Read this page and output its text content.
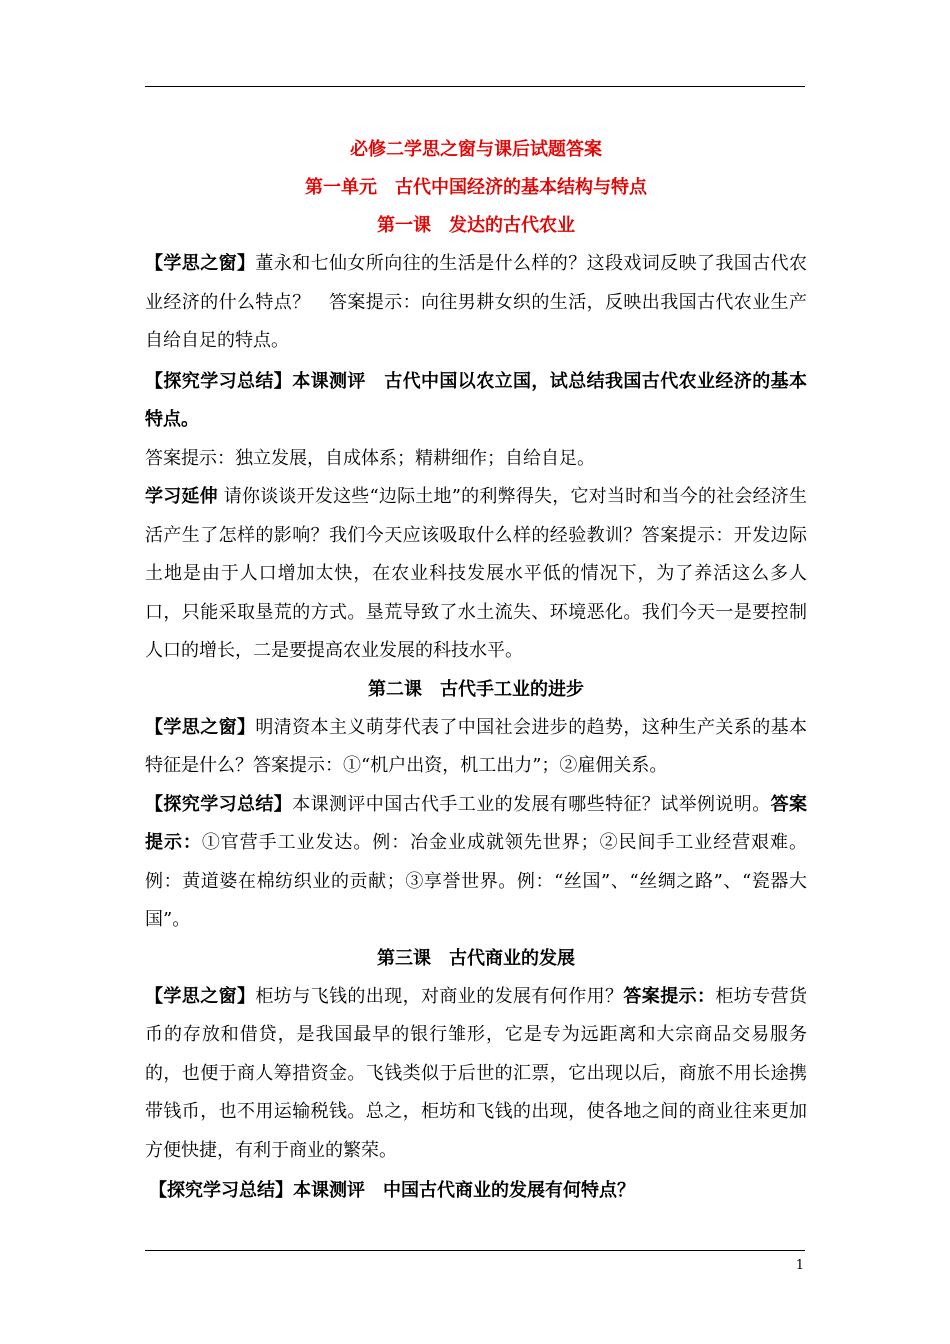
必修二学思之窗与课后试题答案
第一单元　古代中国经济的基本结构与特点
第一课　发达的古代农业

【学思之窗】董永和七仙女所向往的生活是什么样的？这段戏词反映了我国古代农业经济的什么特点？　答案提示：向往男耕女织的生活，反映出我国古代农业生产自给自足的特点。

【探究学习总结】本课测评　古代中国以农立国，试总结我国古代农业经济的基本特点。

答案提示：独立发展，自成体系；精耕细作；自给自足。

学习延伸 请你谈谈开发这些“边际土地”的利弊得失，它对当时和当今的社会经济生活产生了怎样的影响？我们今天应该吸取什么样的经验教训？答案提示：开发边际土地是由于人口增加太快，在农业科技发展水平低的情况下，为了养活这么多人口，只能采取垦荒的方式。垦荒导致了水土流失、环境恶化。我们今天一是要控制人口的增长，二是要提高农业发展的科技水平。

第二课　古代手工业的进步

【学思之窗】明清资本主义萌芽代表了中国社会进步的趋势，这种生产关系的基本特征是什么？答案提示：①“机户出资，机工出力”；②雇佣关系。

【探究学习总结】本课测评中国古代手工业的发展有哪些特征？试举例说明。答案提示：①官营手工业发达。例：冶金业成就领先世界；②民间手工业经营艰难。例：黄道婆在棉纺织业的贡献；③享誉世界。例：“丝国”、“丝绸之路”、“瓷器大国”。

第三课　古代商业的发展

【学思之窗】柜坊与飞钱的出现，对商业的发展有何作用？答案提示：柜坊专营货币的存放和借贷，是我国最早的银行雏形，它是专为远距离和大宗商品交易服务的，也便于商人筹措资金。飞钱类似于后世的汇票，它出现以后，商旅不用长途携带钱币，也不用运输税钱。总之，柜坊和飞钱的出现，使各地之间的商业往来更加方便快捷，有利于商业的繁荣。

【探究学习总结】本课测评　中国古代商业的发展有何特点？

1
